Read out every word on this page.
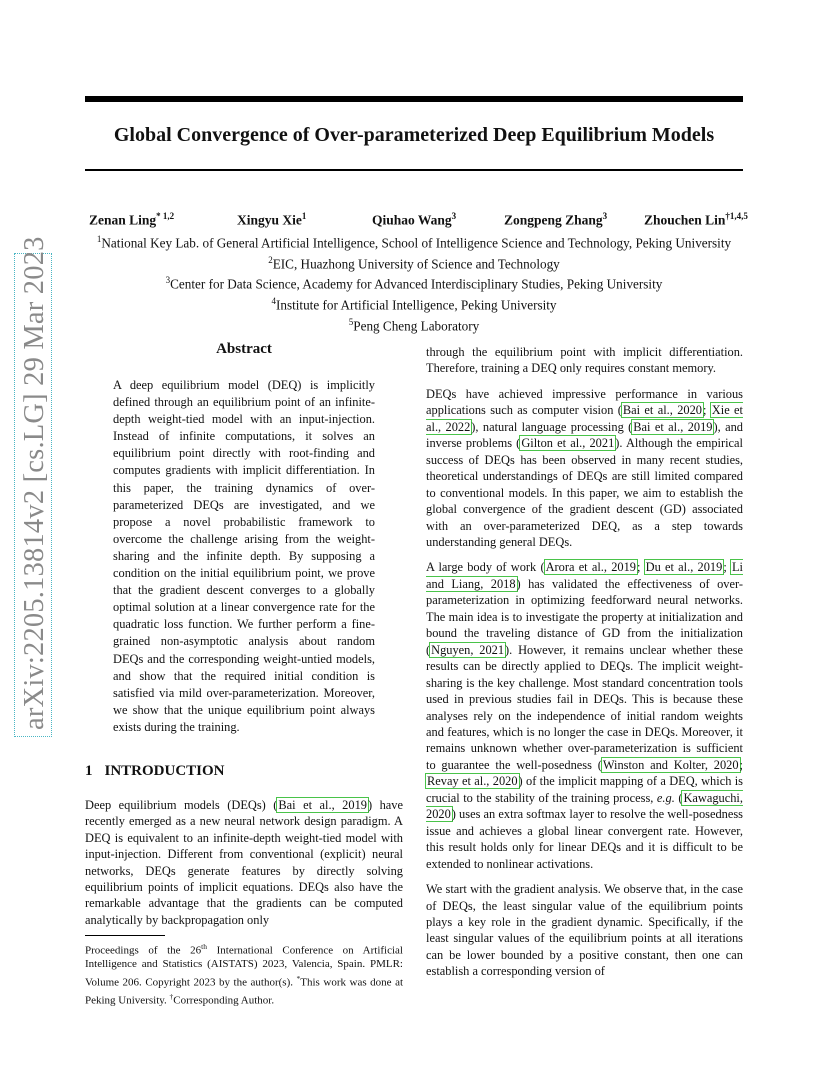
Global Convergence of Over-parameterized Deep Equilibrium Models
Zenan Ling$^{* 1,2}$	Xingyu Xie$^1$	Qiuhao Wang$^3$	Zongpeng Zhang$^3$	Zhouchen Lin$^{\dagger 1,4,5}$
$^1$National Key Lab. of General Artificial Intelligence, School of Intelligence Science and Technology, Peking University
$^2$EIC, Huazhong University of Science and Technology
$^3$Center for Data Science, Academy for Advanced Interdisciplinary Studies, Peking University
$^4$Institute for Artificial Intelligence, Peking University
$^5$Peng Cheng Laboratory
arXiv:2205.13814v2 [cs.LG] 29 Mar 2023	Abstract

A deep equilibrium model (DEQ) is implicitly defined through an equilibrium point of an infinite-depth weight-tied model with an input-injection. Instead of infinite computations, it solves an equilibrium point directly with root-finding and computes gradients with implicit differentiation. In this paper, the training dynamics of over-parameterized DEQs are investigated, and we propose a novel probabilistic framework to overcome the challenge arising from the weight-sharing and the infinite depth. By supposing a condition on the initial equilibrium point, we prove that the gradient descent converges to a globally optimal solution at a linear convergence rate for the quadratic loss function. We further perform a fine-grained non-asymptotic analysis about random DEQs and the corresponding weight-untied models, and show that the required initial condition is satisfied via mild over-parameterization. Moreover, we show that the unique equilibrium point always exists during the training.

1 INTRODUCTION

Deep equilibrium models (DEQs) (Bai et al., 2019) have recently emerged as a new neural network design paradigm. A DEQ is equivalent to an infinite-depth weight-tied model with input-injection. Different from conventional (explicit) neural networks, DEQs generate features by directly solving equilibrium points of implicit equations. DEQs also have the remarkable advantage that the gradients can be computed analytically by backpropagation only

Proceedings of the 26th International Conference on Artificial Intelligence and Statistics (AISTATS) 2023, Valencia, Spain. PMLR: Volume 206. Copyright 2023 by the author(s). *This work was done at Peking University. †Corresponding Author.

through the equilibrium point with implicit differentiation. Therefore, training a DEQ only requires constant memory.

DEQs have achieved impressive performance in various applications such as computer vision (Bai et al., 2020; Xie et al., 2022), natural language processing (Bai et al., 2019), and inverse problems (Gilton et al., 2021). Although the empirical success of DEQs has been observed in many recent studies, theoretical understandings of DEQs are still limited compared to conventional models. In this paper, we aim to establish the global convergence of the gradient descent (GD) associated with an over-parameterized DEQ, as a step towards understanding general DEQs.

A large body of work (Arora et al., 2019; Du et al., 2019; Li and Liang, 2018) has validated the effectiveness of over-parameterization in optimizing feedforward neural networks. The main idea is to investigate the property at initialization and bound the traveling distance of GD from the initialization (Nguyen, 2021). However, it remains unclear whether these results can be directly applied to DEQs. The implicit weight-sharing is the key challenge. Most standard concentration tools used in previous studies fail in DEQs. This is because these analyses rely on the independence of initial random weights and features, which is no longer the case in DEQs. Moreover, it remains unknown whether over-parameterization is sufficient to guarantee the well-posedness (Winston and Kolter, 2020; Revay et al., 2020) of the implicit mapping of a DEQ, which is crucial to the stability of the training process, e.g. (Kawaguchi, 2020) uses an extra softmax layer to resolve the well-posedness issue and achieves a global linear convergent rate. However, this result holds only for linear DEQs and it is difficult to be extended to nonlinear activations.

We start with the gradient analysis. We observe that, in the case of DEQs, the least singular value of the equilibrium points plays a key role in the gradient dynamic. Specifically, if the least singular values of the equilibrium points at all iterations can be lower bounded by a positive constant, then one can establish a corresponding version of
